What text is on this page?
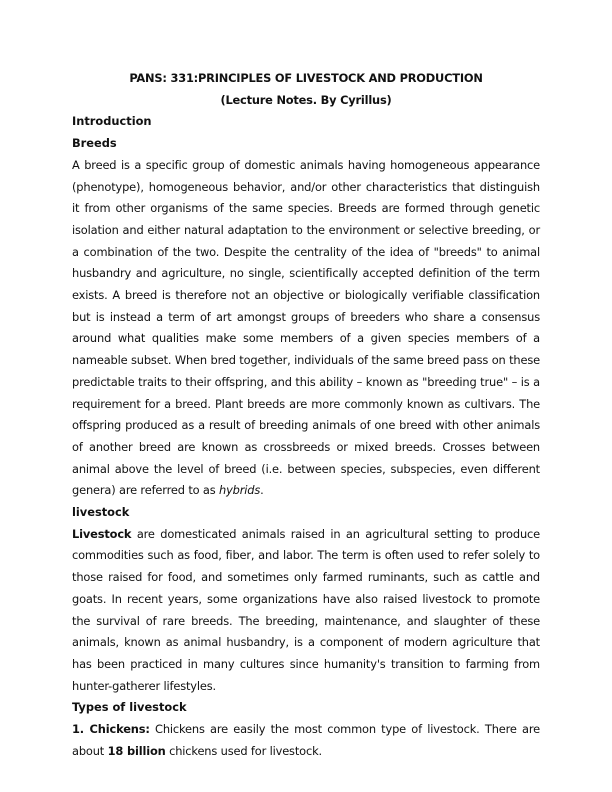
PANS: 331:PRINCIPLES OF LIVESTOCK AND PRODUCTION
(Lecture Notes. By Cyrillus)
Introduction
Breeds

A breed is a specific group of domestic animals having homogeneous appearance (phenotype), homogeneous behavior, and/or other characteristics that distinguish it from other organisms of the same species. Breeds are formed through genetic isolation and either natural adaptation to the environment or selective breeding, or a combination of the two. Despite the centrality of the idea of "breeds" to animal husbandry and agriculture, no single, scientifically accepted definition of the term exists. A breed is therefore not an objective or biologically verifiable classification but is instead a term of art amongst groups of breeders who share a consensus around what qualities make some members of a given species members of a nameable subset. When bred together, individuals of the same breed pass on these predictable traits to their offspring, and this ability – known as "breeding true" – is a requirement for a breed. Plant breeds are more commonly known as cultivars. The offspring produced as a result of breeding animals of one breed with other animals of another breed are known as crossbreeds or mixed breeds. Crosses between animal above the level of breed (i.e. between species, subspecies, even different genera) are referred to as hybrids.

livestock

Livestock are domesticated animals raised in an agricultural setting to produce commodities such as food, fiber, and labor. The term is often used to refer solely to those raised for food, and sometimes only farmed ruminants, such as cattle and goats. In recent years, some organizations have also raised livestock to promote the survival of rare breeds. The breeding, maintenance, and slaughter of these animals, known as animal husbandry, is a component of modern agriculture that has been practiced in many cultures since humanity's transition to farming from hunter-gatherer lifestyles.

Types of livestock

1. Chickens: Chickens are easily the most common type of livestock. There are about 18 billion chickens used for livestock.
